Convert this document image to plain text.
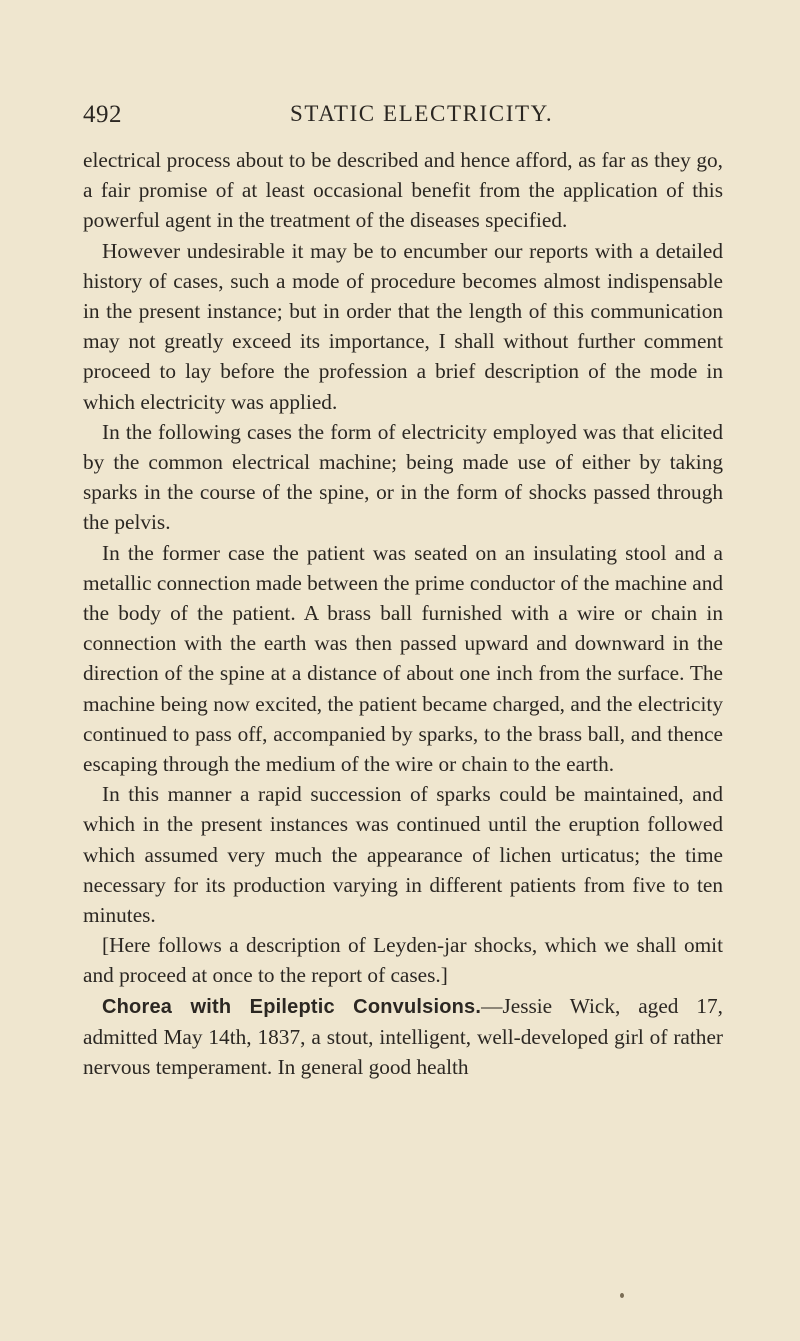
492	STATIC ELECTRICITY.

electrical process about to be described and hence afford, as far as they go, a fair promise of at least occasional benefit from the application of this powerful agent in the treatment of the diseases specified.

However undesirable it may be to encumber our reports with a detailed history of cases, such a mode of procedure becomes almost indispensable in the present instance; but in order that the length of this communication may not greatly exceed its importance, I shall without further comment proceed to lay before the profession a brief description of the mode in which electricity was applied.

In the following cases the form of electricity employed was that elicited by the common electrical machine; being made use of either by taking sparks in the course of the spine, or in the form of shocks passed through the pelvis.

In the former case the patient was seated on an insulating stool and a metallic connection made between the prime conductor of the machine and the body of the patient. A brass ball furnished with a wire or chain in connection with the earth was then passed upward and downward in the direction of the spine at a distance of about one inch from the surface. The machine being now excited, the patient became charged, and the electricity continued to pass off, accompanied by sparks, to the brass ball, and thence escaping through the medium of the wire or chain to the earth.

In this manner a rapid succession of sparks could be maintained, and which in the present instances was continued until the eruption followed which assumed very much the appearance of lichen urticatus; the time necessary for its production varying in different patients from five to ten minutes.

[Here follows a description of Leyden-jar shocks, which we shall omit and proceed at once to the report of cases.]

Chorea with Epileptic Convulsions.—Jessie Wick, aged 17, admitted May 14th, 1837, a stout, intelligent, well-developed girl of rather nervous temperament. In general good health
